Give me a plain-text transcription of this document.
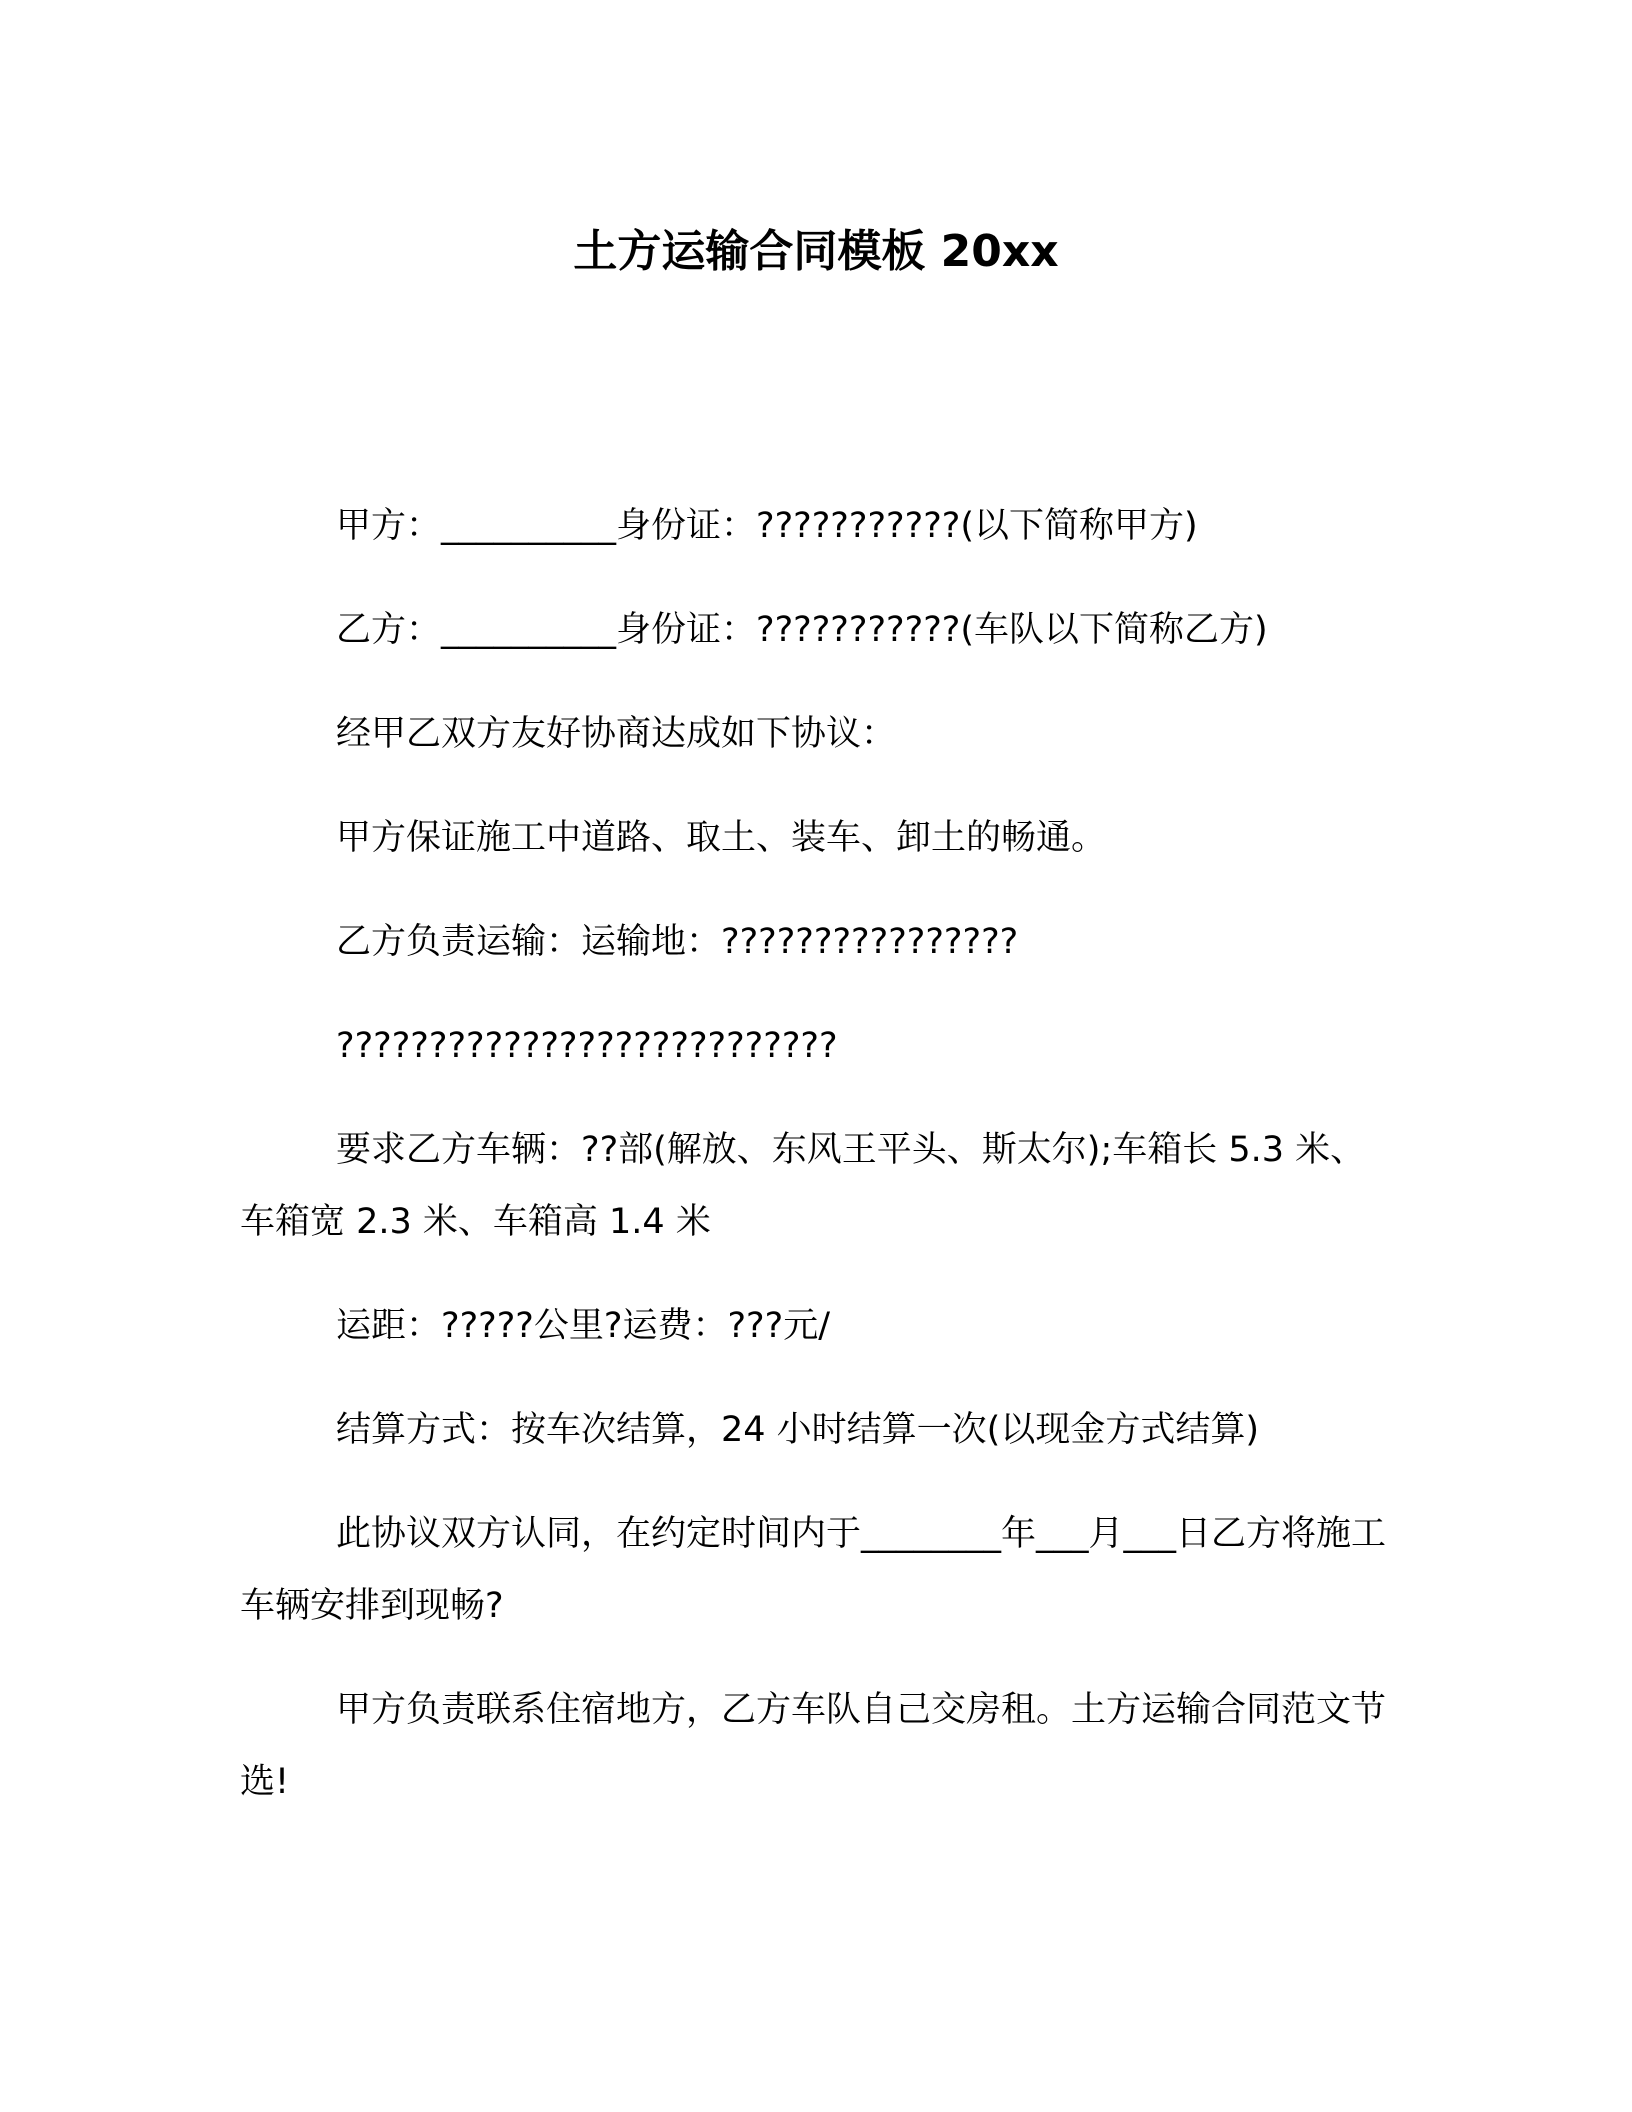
土方运输合同模板 20xx

甲方：__________身份证：???????????(以下简称甲方)

乙方：__________身份证：???????????(车队以下简称乙方)

经甲乙双方友好协商达成如下协议：

甲方保证施工中道路、取土、装车、卸土的畅通。

乙方负责运输：运输地：????????????????

???????????????????????????

要求乙方车辆：??部(解放、东风王平头、斯太尔);车箱长 5.3 米、车箱宽 2.3 米、车箱高 1.4 米

运距：?????公里?运费：???元/

结算方式：按车次结算，24 小时结算一次(以现金方式结算)

此协议双方认同，在约定时间内于________年___月___日乙方将施工车辆安排到现畅?

甲方负责联系住宿地方，乙方车队自己交房租。土方运输合同范文节选!
